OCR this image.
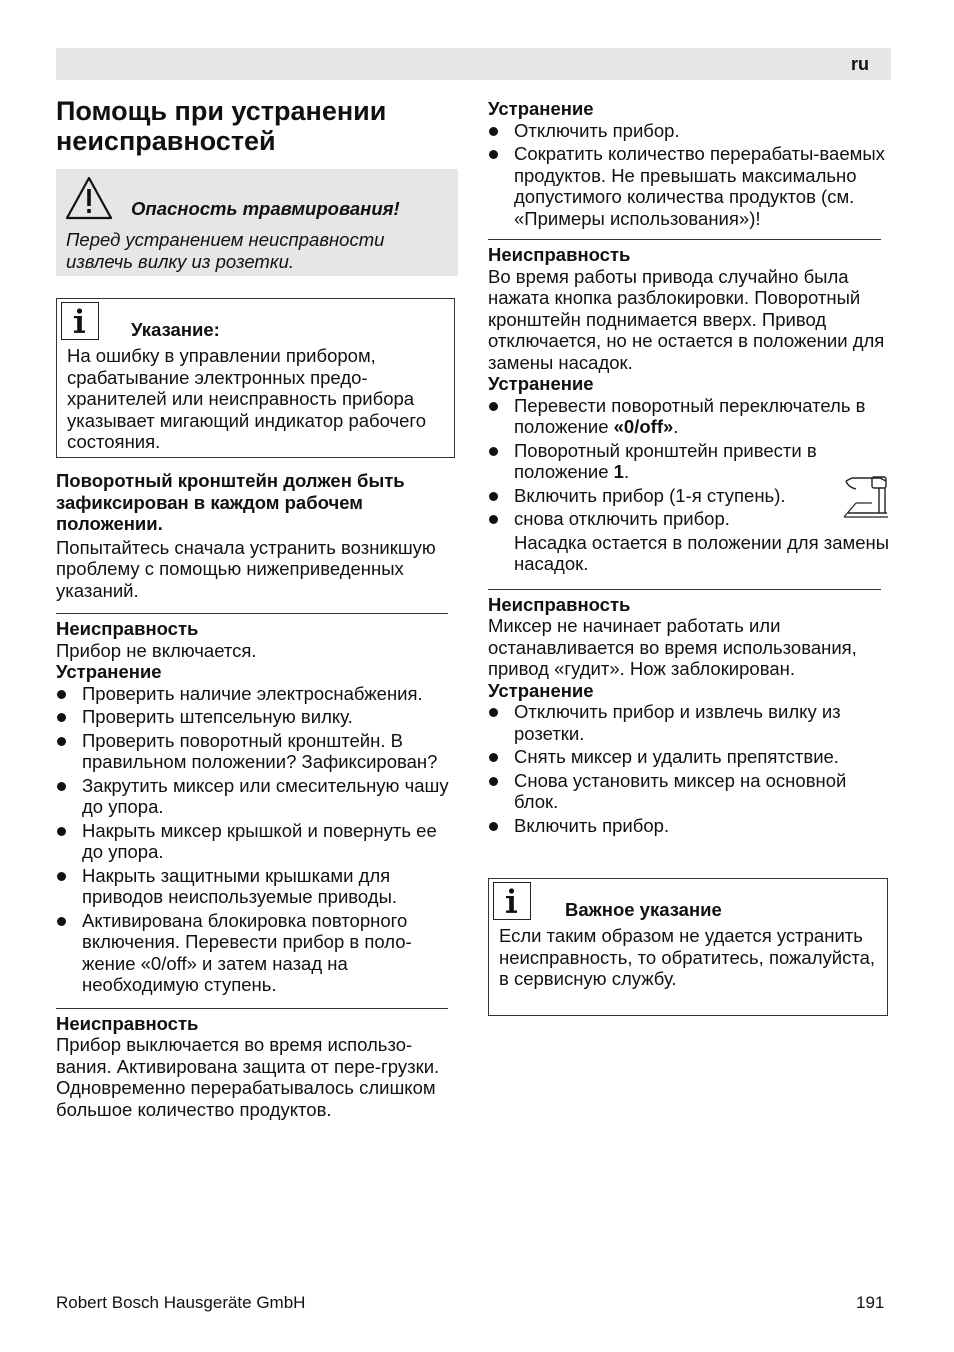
ru
Помощь при устранении неисправностей
Опасность травмирования!
Перед устранением неисправности извлечь вилку из розетки.
Указание:
На ошибку в управлении прибором, срабатывание электронных предо-хранителей или неисправность прибора указывает мигающий индикатор рабочего состояния.

Поворотный кронштейн должен быть зафиксирован в каждом рабочем положении.

Попытайтесь сначала устранить возникшую проблему с помощью нижеприведенных указаний.

Неисправность

Прибор не включается.

Устранение

Проверить наличие электроснабжения.
Проверить штепсельную вилку.
Проверить поворотный кронштейн. В правильном положении? Зафиксирован?
Закрутить миксер или смесительную чашу до упора.
Накрыть миксер крышкой и повернуть ее до упора.
Накрыть защитными крышками для приводов неиспользуемые приводы.
Активирована блокировка повторного включения. Перевести прибор в поло-жение «0/off» и затем назад на необходимую ступень.

Неисправность

Прибор выключается во время использо-вания. Активирована защита от пере-грузки. Одновременно перерабатывалось слишком большое количество продуктов.

Устранение

Отключить прибор.
Сократить количество перерабаты-ваемых продуктов. Не превышать максимально допустимого количества продуктов (см. «Примеры использования»)!

Неисправность

Во время работы привода случайно была нажата кнопка разблокировки. Поворотный кронштейн поднимается вверх. Привод отключается, но не остается в положении для замены насадок.

Устранение

Перевести поворотный переключатель в положение «0/off».
Поворотный кронштейн привести в положение 1.
Включить прибор (1-я ступень).
снова отключить прибор.

Насадка остается в положении для замены насадок.

Неисправность

Миксер не начинает работать или останавливается во время использования, привод «гудит». Нож заблокирован.

Устранение

Отключить прибор и извлечь вилку из розетки.
Снять миксер и удалить препятствие.
Снова установить миксер на основной блок.
Включить прибор.
Важное указание
Если таким образом не удается устранить неисправность, то обратитесь, пожалуйста, в сервисную службу.
Robert Bosch Hausgeräte GmbH	191
